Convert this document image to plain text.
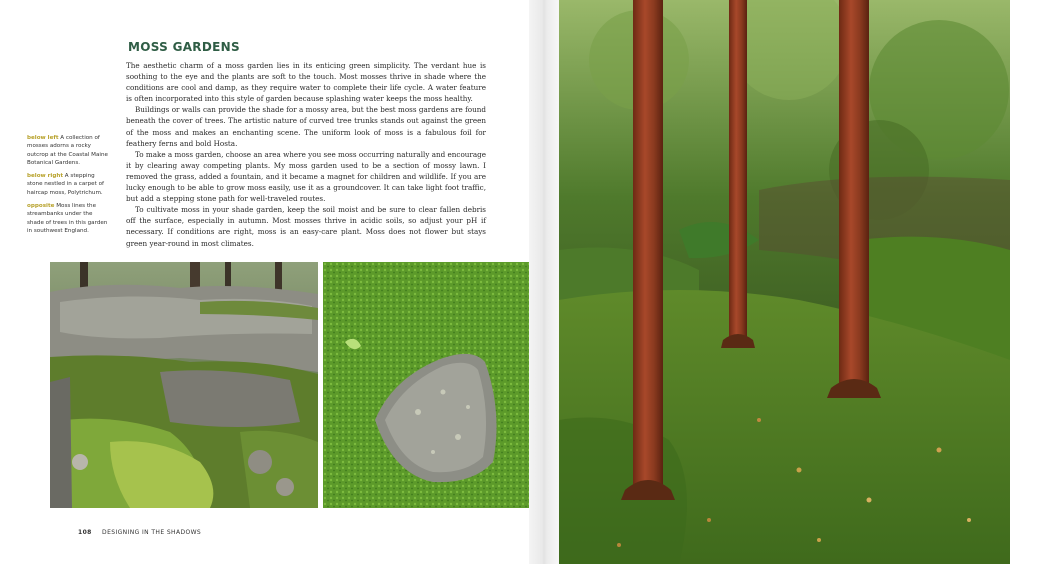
MOSS GARDENS

The aesthetic charm of a moss garden lies in its enticing green simplicity. The verdant hue is soothing to the eye and the plants are soft to the touch. Most mosses thrive in shade where the conditions are cool and damp, as they require water to complete their life cycle. A water feature is often incorporated into this style of garden because splashing water keeps the moss healthy.

Buildings or walls can provide the shade for a mossy area, but the best moss gardens are found beneath the cover of trees. The artistic nature of curved tree trunks stands out against the green of the moss and makes an enchanting scene. The uniform look of moss is a fabulous foil for feathery ferns and bold Hosta.

To make a moss garden, choose an area where you see moss occurring naturally and encourage it by clearing away competing plants. My moss garden used to be a section of mossy lawn. I removed the grass, added a fountain, and it became a magnet for children and wildlife. If you are lucky enough to be able to grow moss easily, use it as a groundcover. It can take light foot traffic, but add a stepping stone path for well-traveled routes.

To cultivate moss in your shade garden, keep the soil moist and be sure to clear fallen debris off the surface, especially in autumn. Most mosses thrive in acidic soils, so adjust your pH if necessary. If conditions are right, moss is an easy-care plant. Moss does not flower but stays green year-round in most climates.

below left A collection of mosses adorns a rocky outcrop at the Coastal Maine Botanical Gardens.

below right A stepping stone nestled in a carpet of haircap moss, Polytrichum.

opposite Moss lines the streambanks under the shade of trees in this garden in southwest England.

108 DESIGNING IN THE SHADOWS
